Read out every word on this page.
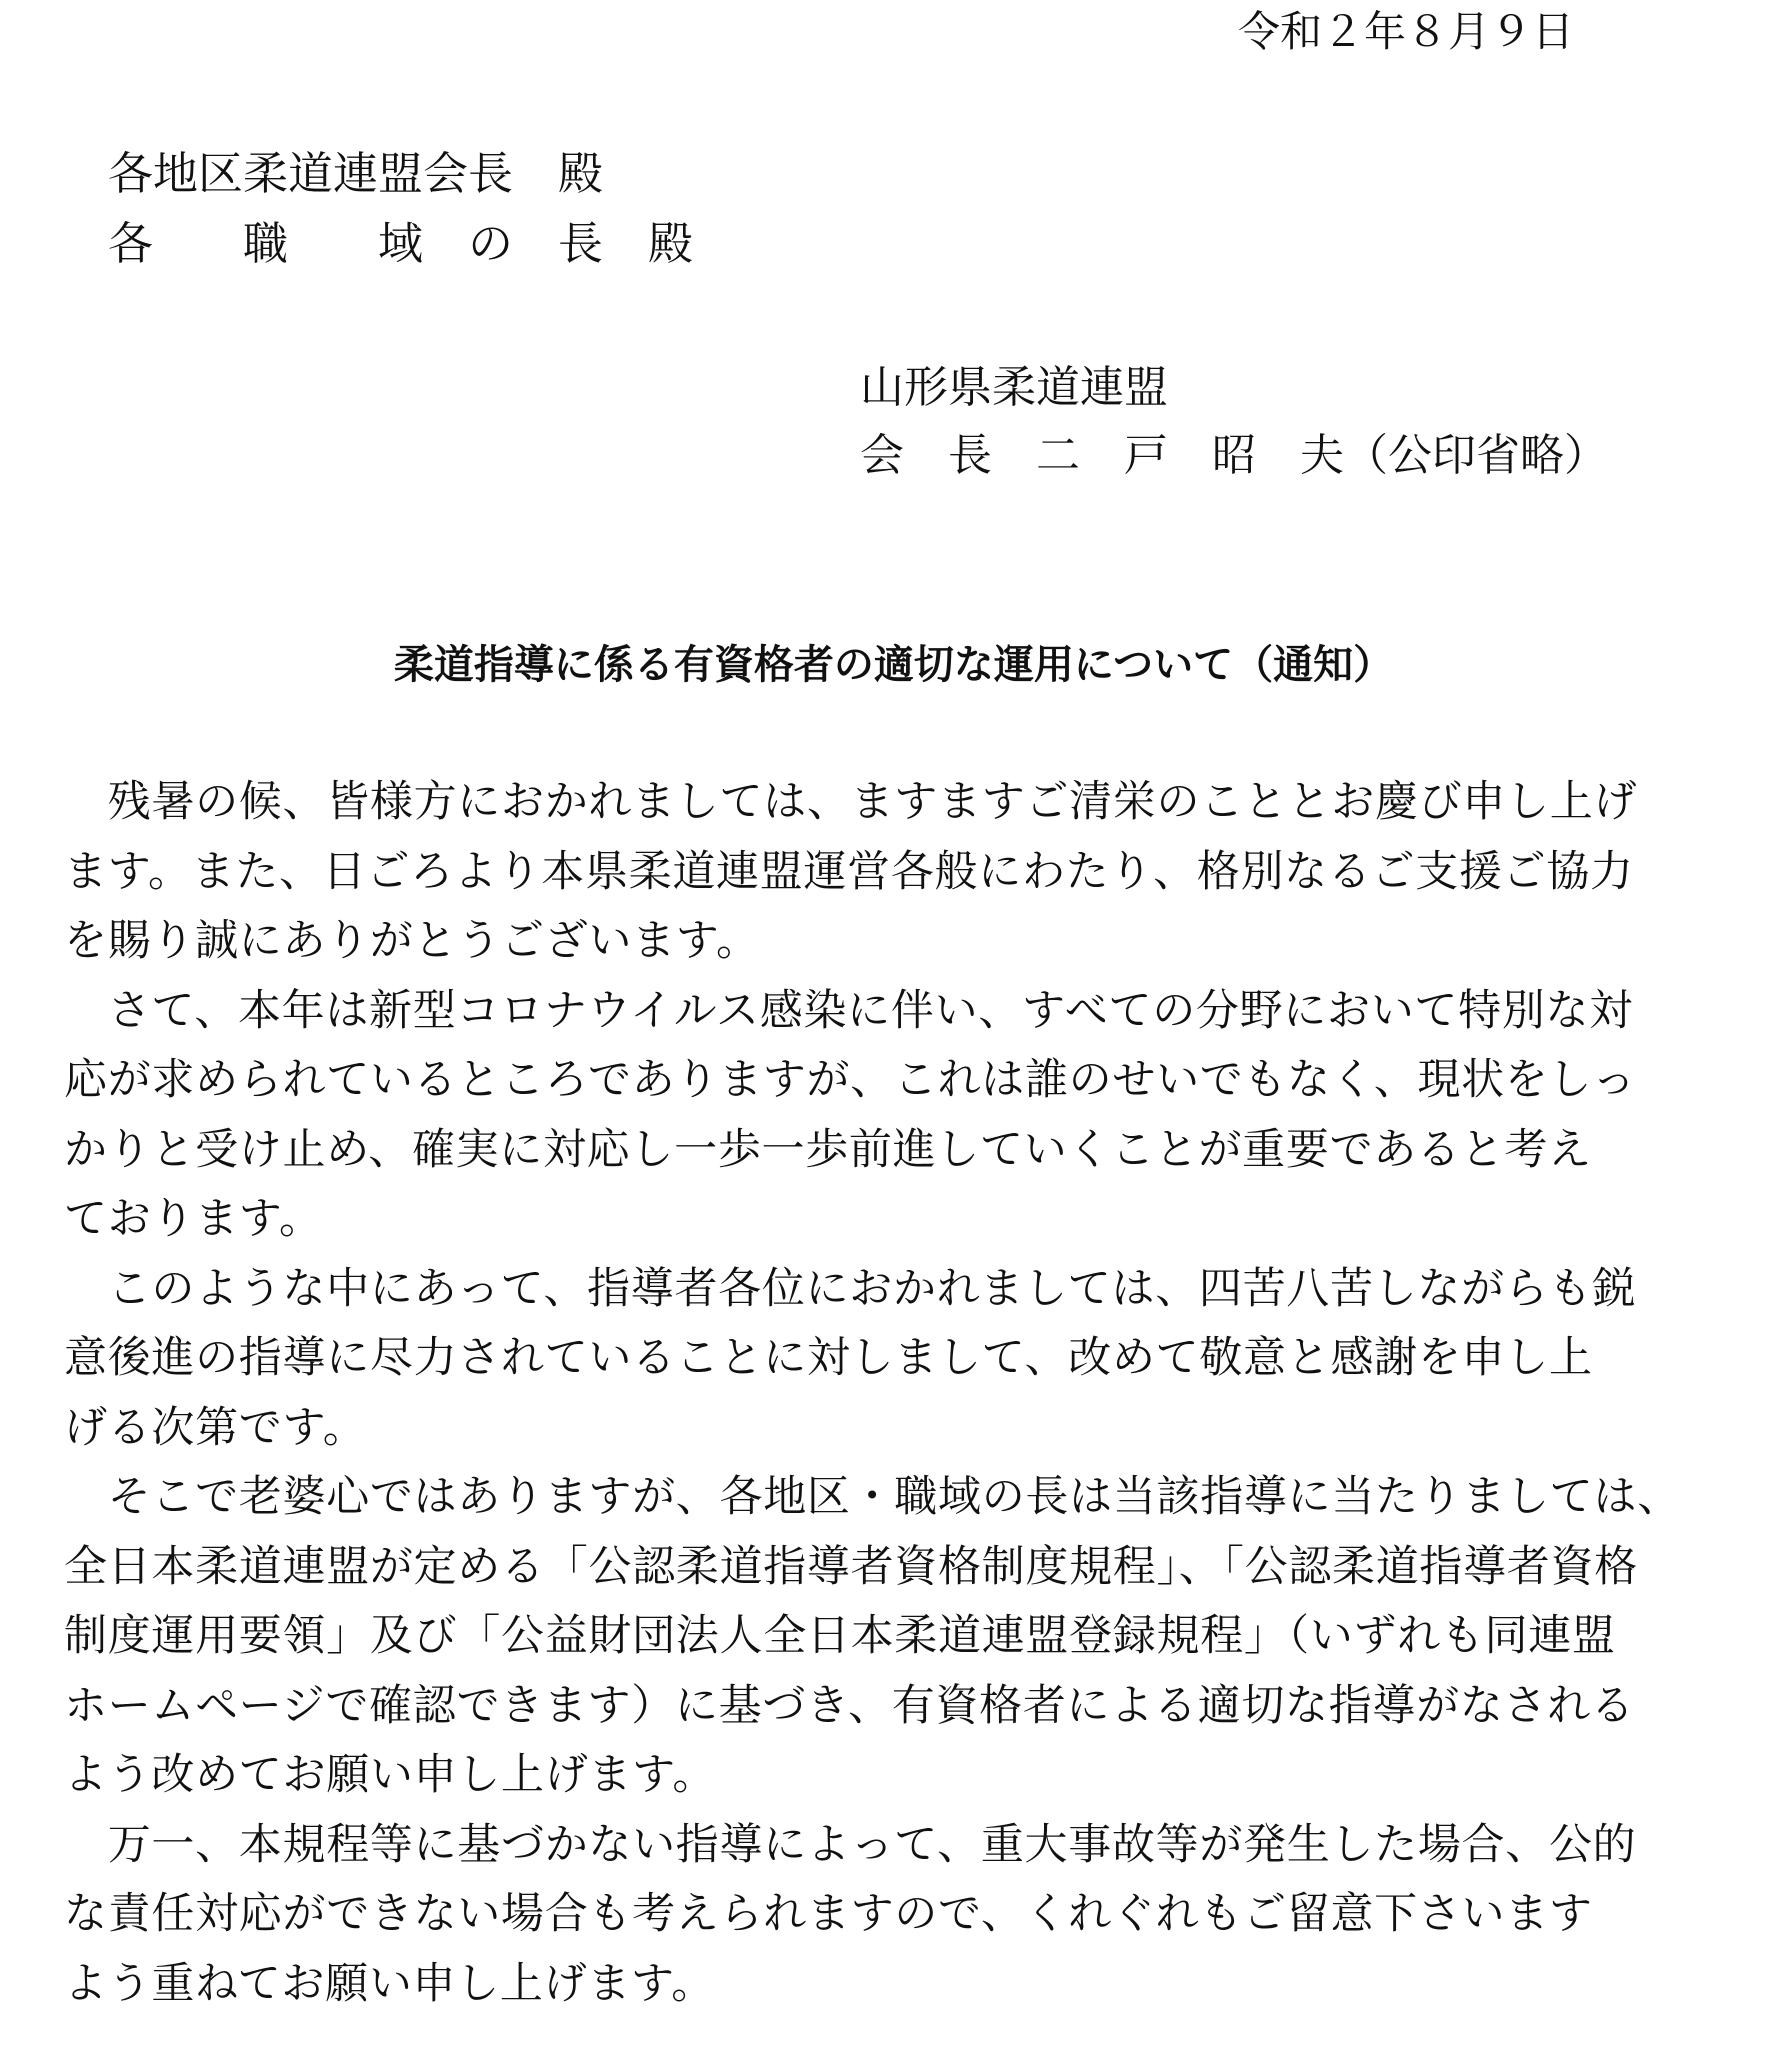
令和２年８月９日
各地区柔道連盟会長　殿
各　　職　　域　の　長　殿
山形県柔道連盟
会　長　二　戸　昭　夫（公印省略）
柔道指導に係る有資格者の適切な運用について（通知）
　残暑の候、皆様方におかれましては、ますますご清栄のこととお慶び申し上げ
ます。また、日ごろより本県柔道連盟運営各般にわたり、格別なるご支援ご協力
を賜り誠にありがとうございます。
　さて、本年は新型コロナウイルス感染に伴い、すべての分野において特別な対
応が求められているところでありますが、これは誰のせいでもなく、現状をしっ
かりと受け止め、確実に対応し一歩一歩前進していくことが重要であると考え
ております。
　このような中にあって、指導者各位におかれましては、四苦八苦しながらも鋭
意後進の指導に尽力されていることに対しまして、改めて敬意と感謝を申し上
げる次第です。
　そこで老婆心ではありますが、各地区・職域の長は当該指導に当たりましては、
全日本柔道連盟が定める「公認柔道指導者資格制度規程」、「公認柔道指導者資格
制度運用要領」及び「公益財団法人全日本柔道連盟登録規程」（いずれも同連盟
ホームページで確認できます）に基づき、有資格者による適切な指導がなされる
よう改めてお願い申し上げます。
　万一、本規程等に基づかない指導によって、重大事故等が発生した場合、公的
な責任対応ができない場合も考えられますので、くれぐれもご留意下さいます
よう重ねてお願い申し上げます。
